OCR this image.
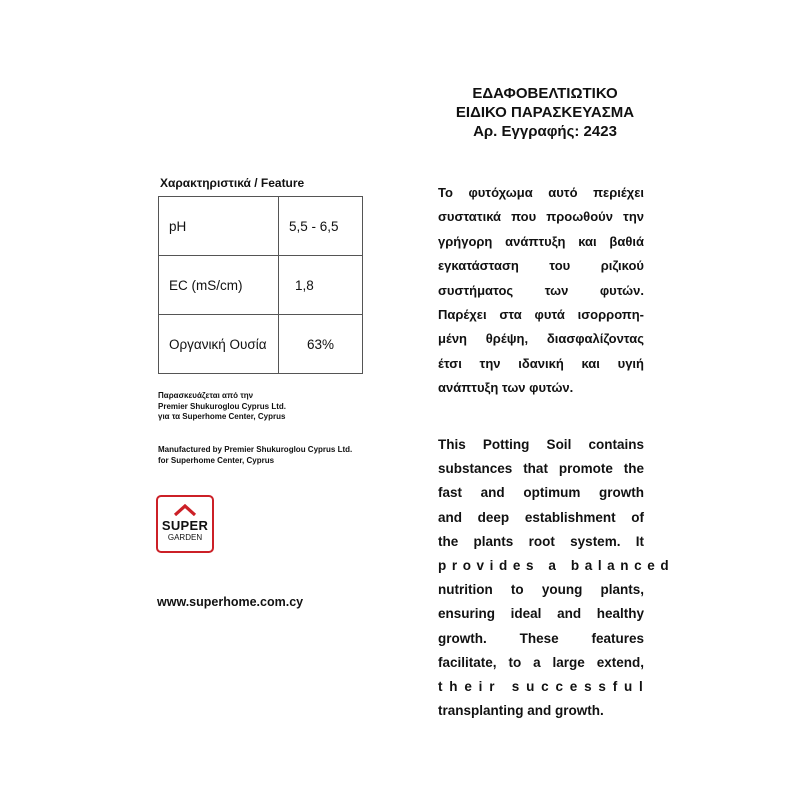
ΕΔΑΦΟΒΕΛΤΙΩΤΙΚΟ
ΕΙΔΙΚΟ ΠΑΡΑΣΚΕΥΑΣΜΑ
Αρ. Εγγραφής: 2423
Χαρακτηριστικά / Feature
pH	5,5 - 6,5
EC (mS/cm)	1,8
Οργανική Ουσία	63%
Παρασκευάζεται από την
Premier Shukuroglou Cyprus Ltd.
για τα Superhome Center, Cyprus
Manufactured by Premier Shukuroglou Cyprus Ltd.
for Superhome Center, Cyprus
SUPER
GARDEN
www.superhome.com.cy
Το φυτόχωμα αυτό περιέχει
συστατικά που προωθούν την
γρήγορη ανάπτυξη και βαθιά
εγκατάσταση του ριζικού
συστήματος των φυτών.
Παρέχει στα φυτά ισορροπη-
μένη θρέψη, διασφαλίζοντας
έτσι την ιδανική και υγιή
ανάπτυξη των φυτών.
This Potting Soil contains
substances that promote the
fast and optimum growth
and deep establishment of
the plants root system. It
provides a balanced
nutrition to young plants,
ensuring ideal and healthy
growth. These features
facilitate, to a large extend,
their successful
transplanting and growth.
